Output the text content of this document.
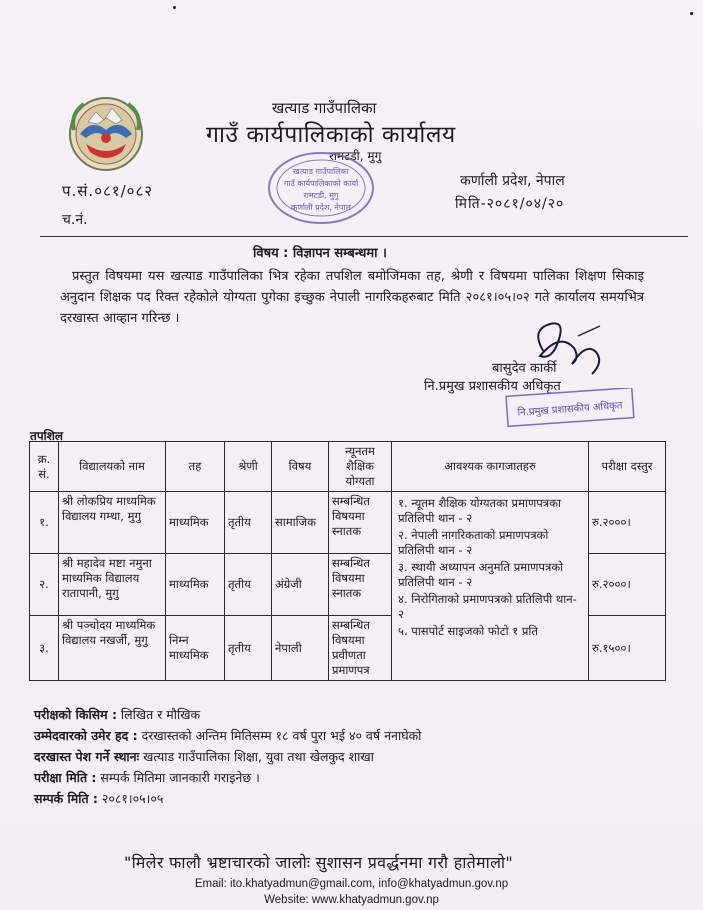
खत्याड गाउँपालिका
गाउँ कार्यपालिकाको कार्यालय
रामटडी, मुगु
खत्याड गाउँपालिका
गाउँ कार्यपालिकाको कार्या
रामटडी, मुगु
कर्णाली प्रदेश, नेपाल
प.सं.०८१/०८२
च.नं.
कर्णाली प्रदेश, नेपाल
मिति-२०८१/०४/२०
विषय : विज्ञापन सम्बन्धमा ।
प्रस्तुत विषयमा यस खत्याड गाउँपालिका भित्र रहेका तपशिल बमोजिमका तह, श्रेणी र विषयमा पालिका शिक्षण सिकाइ अनुदान शिक्षक पद रिक्त रहेकोले योग्यता पुगेका इच्छुक नेपाली नागरिकहरुबाट मिति २०८१।०५।०२ गते कार्यालय समयभित्र दरखास्त आव्हान गरिन्छ ।
बासुदेव कार्की
नि.प्रमुख प्रशासकीय अधिकृत
नि.प्रमुख प्रशासकीय अधिकृत
तपशिल
क्र. सं.	विद्यालयको नाम	तह	श्रेणी	विषय	न्यूनतम शैक्षिक योग्यता	आवश्यक कागजातहरु	परीक्षा दस्तुर
१.	श्री लोकप्रिय माध्यमिक विद्यालय गम्धा, मुगु	माध्यमिक	तृतीय	सामाजिक	सम्बन्धित विषयमा स्नातक	१. न्यूतम शैक्षिक योग्यतका प्रमाणपत्रका प्रतिलिपी थान - २
२. नेपाली नागरिकताको प्रमाणपत्रको प्रतिलिपी थान - २
३. स्थायी अध्यापन अनुमति प्रमाणपत्रको प्रतिलिपी थान - २
४. निरोगिताको प्रमाणपत्रको प्रतिलिपी थान- २
५. पासपोर्ट साइजको फोटो १ प्रति	रु.२०००।
२.	श्री महादेव मष्टा नमुना माध्यमिक विद्यालय रातापानी, मुगु	माध्यमिक	तृतीय	अंग्रेजी	सम्बन्धित विषयमा स्नातक		रु.२०००।
३.	श्री पञ्चोदय माध्यमिक विद्यालय नखर्जी, मुगु	निम्न माध्यमिक	तृतीय	नेपाली	सम्बन्धित विषयमा प्रवीणता प्रमाणपत्र		रु.१५००।
परीक्षको किसिम : लिखित र मौखिक
उम्मेदवारको उमेर हद : दरखास्तको अन्तिम मितिसम्म १८ वर्ष पुरा भई ४० वर्ष ननाघेको
दरखास्त पेश गर्ने स्थानः खत्याड गाउँपालिका शिक्षा, युवा तथा खेलकुद शाखा
परीक्षा मिति : सम्पर्क मितिमा जानकारी गराइनेछ ।
सम्पर्क मिति : २०८१।०५।०५
"मिलेर फालौ भ्रष्टाचारको जालोः सुशासन प्रवर्द्धनमा गरौ हातेमालो"
Email: ito.khatyadmun@gmail.com, info@khatyadmun.gov.np
Website: www.khatyadmun.gov.np
